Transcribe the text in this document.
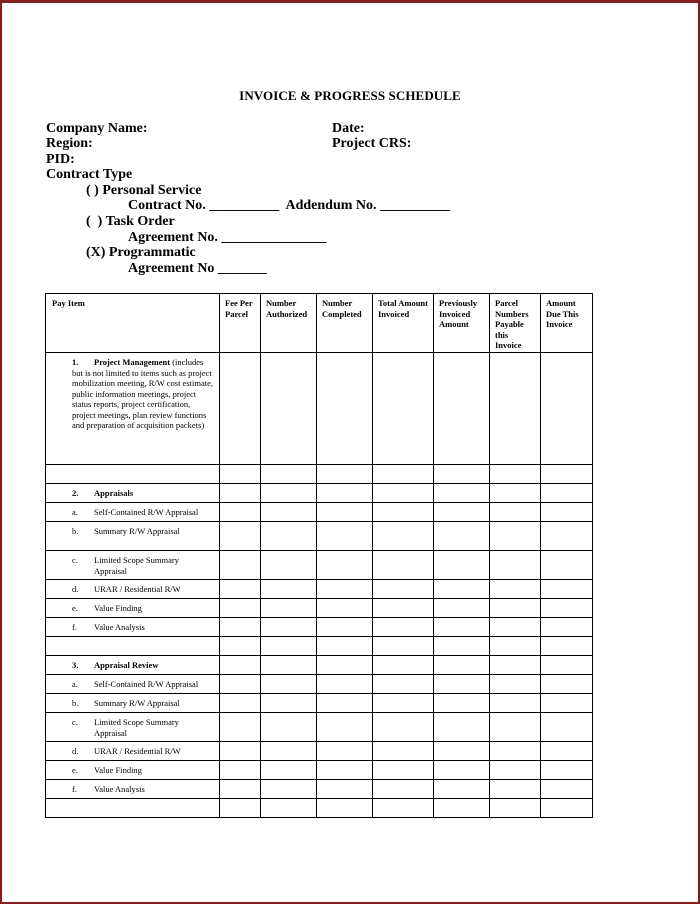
INVOICE & PROGRESS SCHEDULE
Company Name:	Date:
Region:	Project CRS:
PID:
Contract Type
( ) Personal Service
Contract No. __________  Addendum No. __________
(  ) Task Order
Agreement No. _______________
(X) Programmatic
Agreement No _______
Pay Item	Fee Per Parcel	Number Authorized	Number Completed	Total Amount Invoiced	Previously Invoiced Amount	Parcel Numbers Payable this Invoice	Amount Due This Invoice

1. Project Management (includes but is not limited to items such as project mobilization meeting, R/W cost estimate, public information meetings, project status reports, project certification, project meetings, plan review functions and preparation of acquisition packets)							

2. Appraisals							

a. Self-Contained R/W Appraisal							

b. Summary R/W Appraisal							

c. Limited Scope Summary Appraisal							

d. URAR / Residential R/W							

e. Value Finding							

f. Value Analysis							

3. Appraisal Review							

a. Self-Contained R/W Appraisal							

b. Summary R/W Appraisal							

c. Limited Scope Summary Appraisal							

d. URAR / Residential R/W							

e. Value Finding							

f. Value Analysis							
